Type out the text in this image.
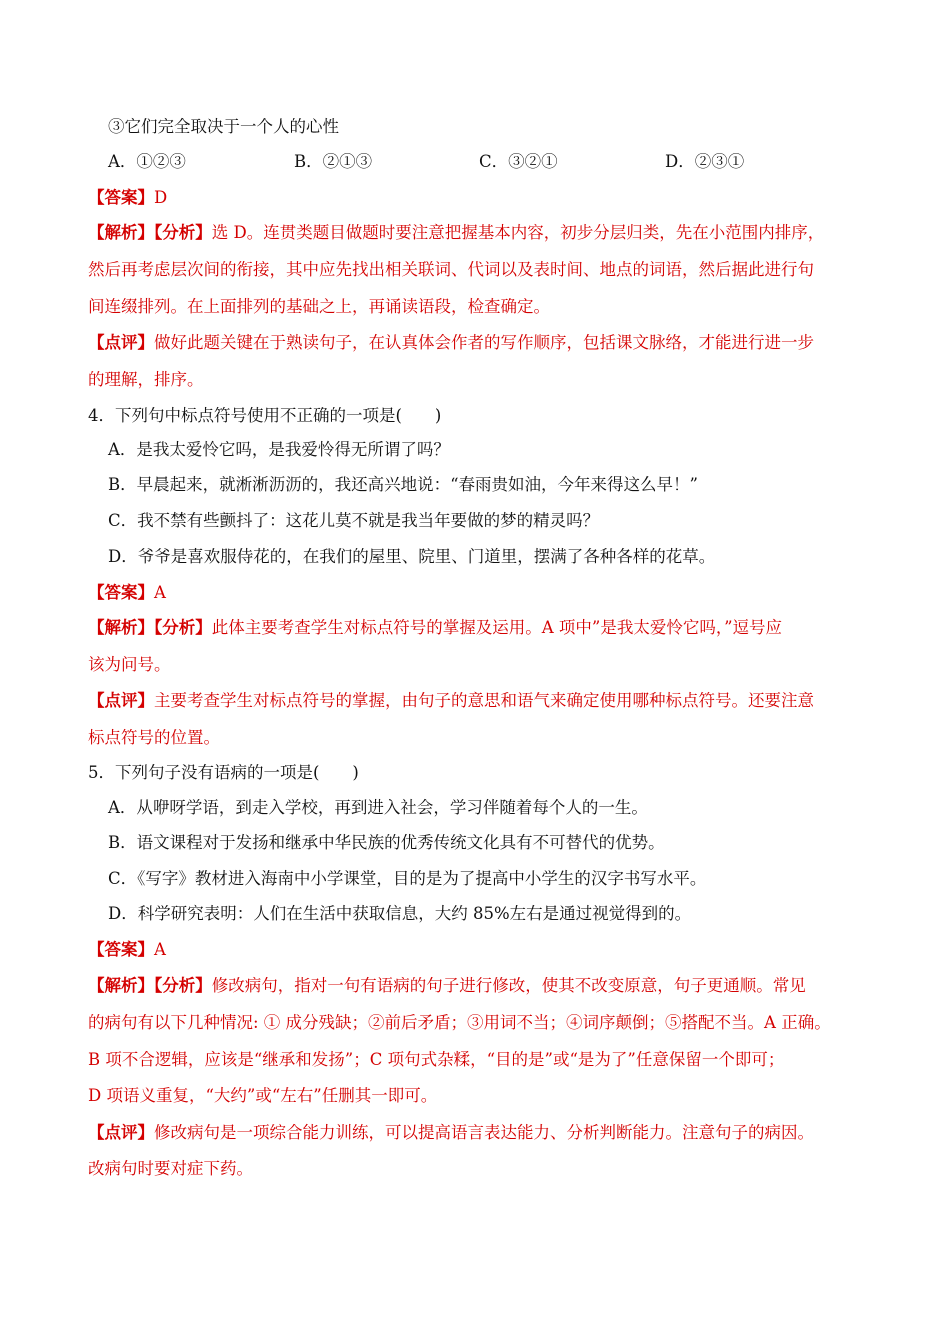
③它们完全取决于一个人的心性
A．①②③	B．②①③	C．③②①	D．②③①
【答案】D
【解析】【分析】选 D。连贯类题目做题时要注意把握基本内容，初步分层归类，先在小范围内排序，
然后再考虑层次间的衔接，其中应先找出相关联词、代词以及表时间、地点的词语，然后据此进行句
间连缀排列。在上面排列的基础之上，再诵读语段，检查确定。
【点评】做好此题关键在于熟读句子，在认真体会作者的写作顺序，包括课文脉络，才能进行进一步
的理解，排序。
4．下列句中标点符号使用不正确的一项是(　　)
A．是我太爱怜它吗，是我爱怜得无所谓了吗？
B．早晨起来，就淅淅沥沥的，我还高兴地说：“春雨贵如油，今年来得这么早！”
C．我不禁有些颤抖了：这花儿莫不就是我当年要做的梦的精灵吗？
D．爷爷是喜欢服侍花的，在我们的屋里、院里、门道里，摆满了各种各样的花草。
【答案】A
【解析】【分析】此体主要考查学生对标点符号的掌握及运用。A 项中”是我太爱怜它吗，”逗号应
该为问号。
【点评】主要考查学生对标点符号的掌握，由句子的意思和语气来确定使用哪种标点符号。还要注意
标点符号的位置。
5．下列句子没有语病的一项是(　　)
A．从咿呀学语，到走入学校，再到进入社会，学习伴随着每个人的一生。
B．语文课程对于发扬和继承中华民族的优秀传统文化具有不可替代的优势。
C．《写字》教材进入海南中小学课堂，目的是为了提高中小学生的汉字书写水平。
D．科学研究表明：人们在生活中获取信息，大约 85%左右是通过视觉得到的。
【答案】A
【解析】【分析】修改病句，指对一句有语病的句子进行修改，使其不改变原意，句子更通顺。常见
的病句有以下几种情况: ① 成分残缺；②前后矛盾；③用词不当；④词序颠倒；⑤搭配不当。A 正确。
B 项不合逻辑，应该是“继承和发扬”；C 项句式杂糅，“目的是”或“是为了”任意保留一个即可；
D 项语义重复，“大约”或“左右”任删其一即可。
【点评】修改病句是一项综合能力训练，可以提高语言表达能力、分析判断能力。注意句子的病因。
改病句时要对症下药。
